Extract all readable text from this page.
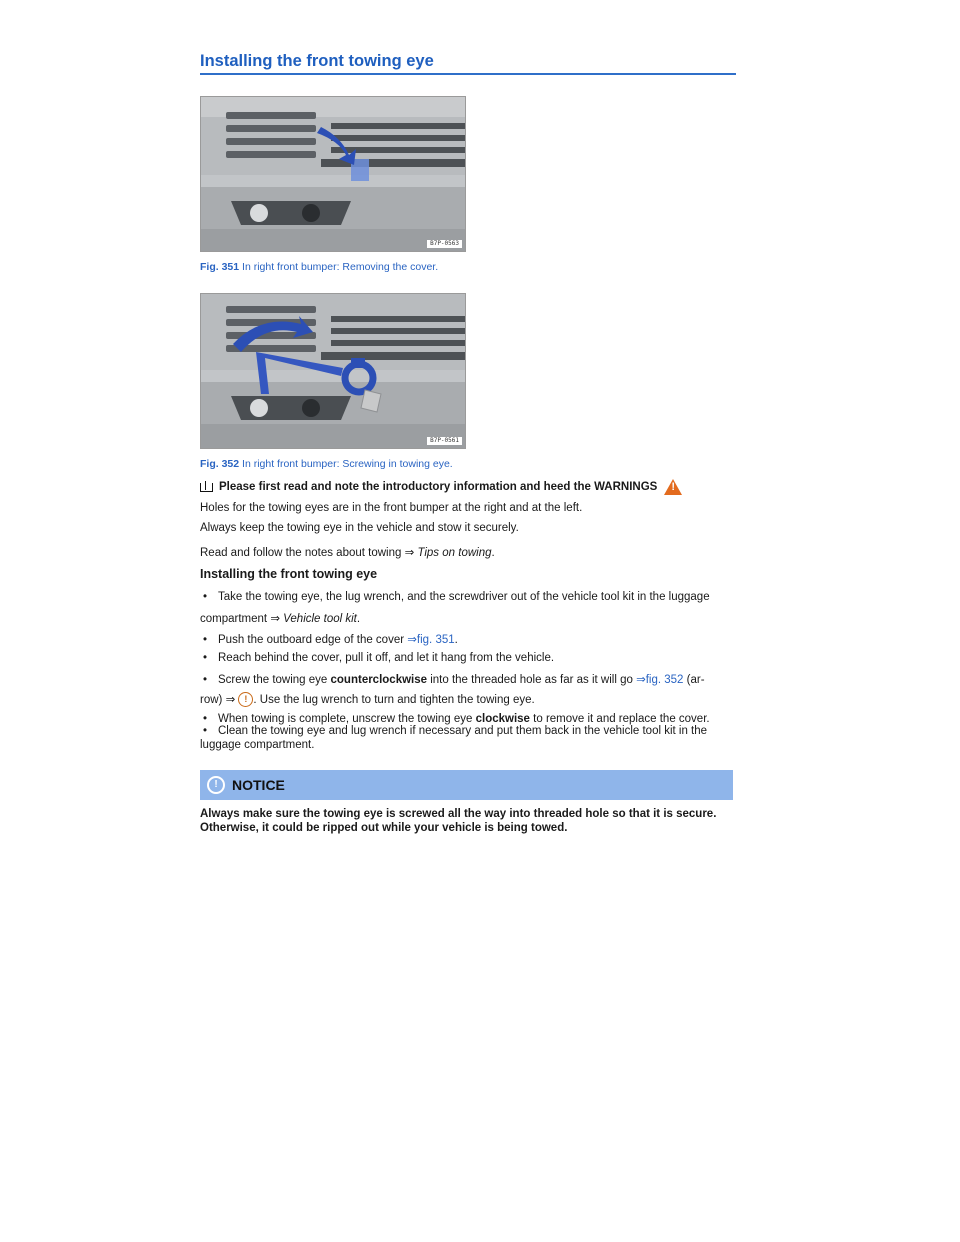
Installing the front towing eye
B7P-0563
Fig. 351 In right front bumper: Removing the cover.
B7P-0561
Fig. 352 In right front bumper: Screwing in towing eye.
Please first read and note the introductory information and heed the WARNINGS !
Holes for the towing eyes are in the front bumper at the right and at the left.
Always keep the towing eye in the vehicle and stow it securely.
Read and follow the notes about towing ⇒ Tips on towing.
Installing the front towing eye
• Take the towing eye, the lug wrench, and the screwdriver out of the vehicle tool kit in the luggage
compartment ⇒ Vehicle tool kit.
• Push the outboard edge of the cover ⇒fig. 351.
• Reach behind the cover, pull it off, and let it hang from the vehicle.
• Screw the towing eye counterclockwise into the threaded hole as far as it will go ⇒fig. 352 (ar-
row) ⇒ ! . Use the lug wrench to turn and tighten the towing eye.
• When towing is complete, unscrew the towing eye clockwise to remove it and replace the cover.
• Clean the towing eye and lug wrench if necessary and put them back in the vehicle tool kit in the
luggage compartment.
!	NOTICE
Always make sure the towing eye is screwed all the way into threaded hole so that it is secure.
Otherwise, it could be ripped out while your vehicle is being towed.
